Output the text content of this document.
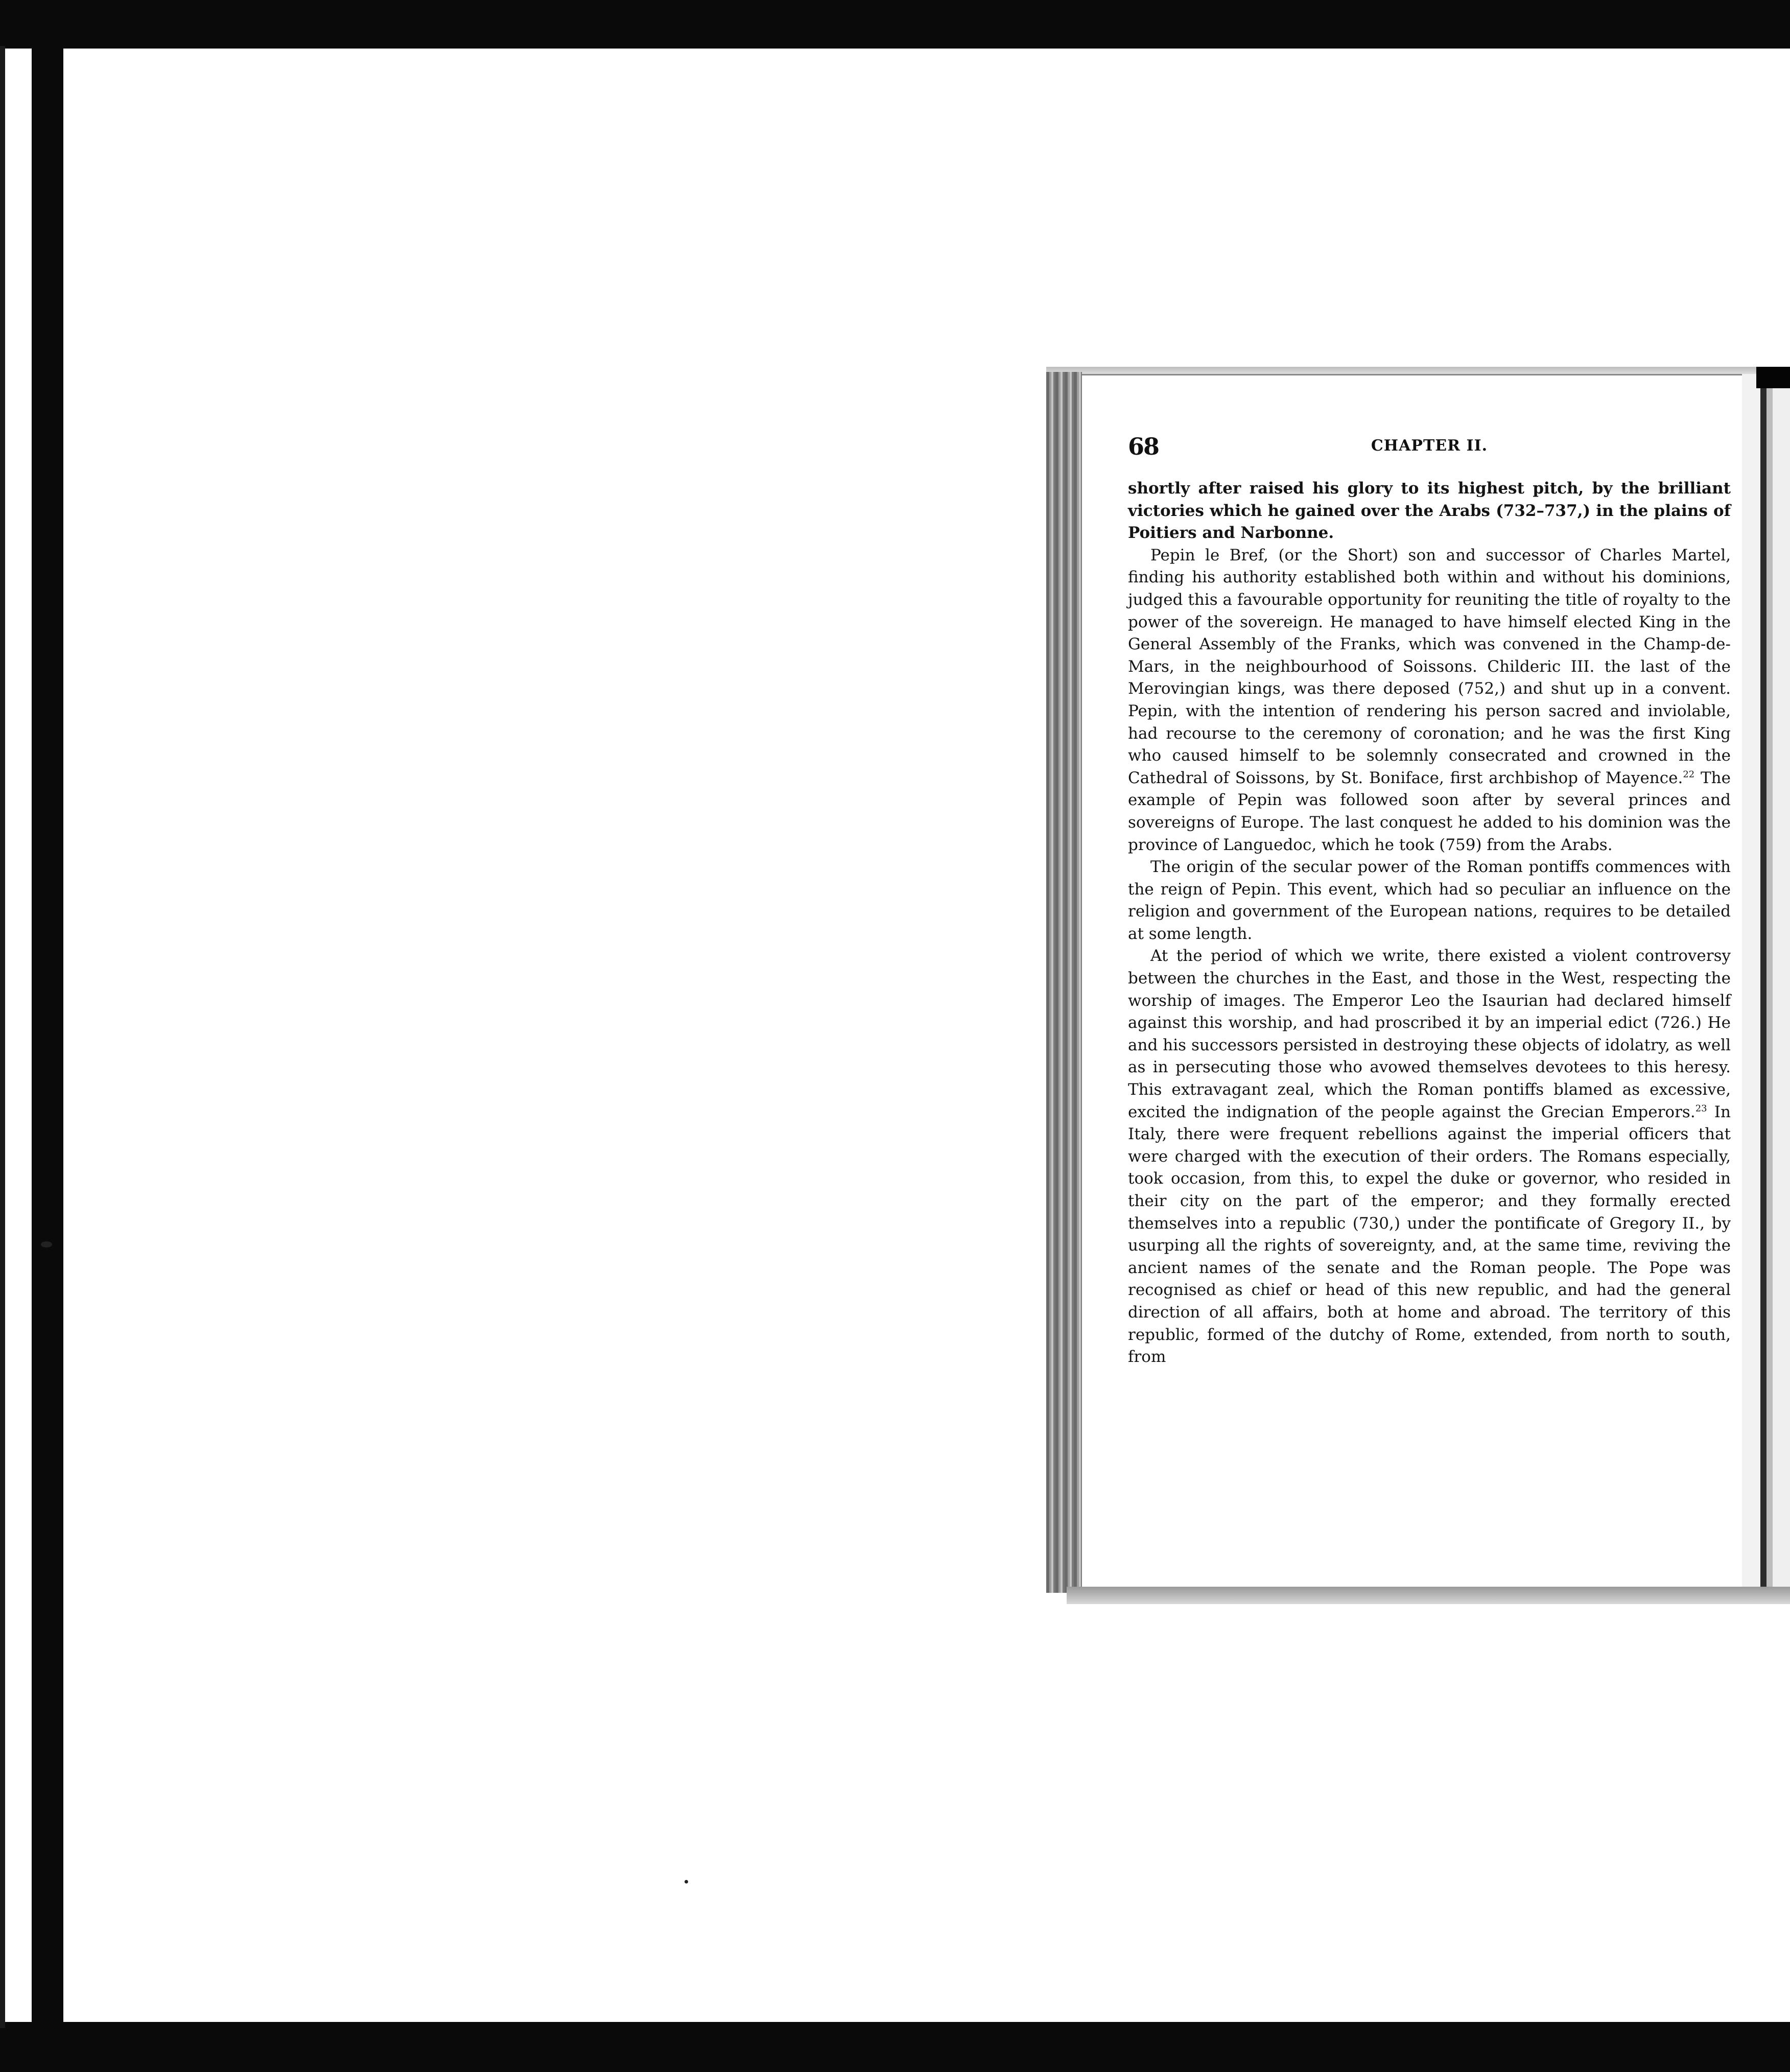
68	CHAPTER II.

shortly after raised his glory to its highest pitch, by the brilliant victories which he gained over the Arabs (732–737,) in the plains of Poitiers and Narbonne.

Pepin le Bref, (or the Short) son and successor of Charles Martel, finding his authority established both within and without his dominions, judged this a favourable opportunity for reuniting the title of royalty to the power of the sovereign. He managed to have himself elected King in the General Assembly of the Franks, which was convened in the Champ-de-Mars, in the neighbourhood of Soissons. Childeric III. the last of the Merovingian kings, was there deposed (752,) and shut up in a convent. Pepin, with the intention of rendering his person sacred and inviolable, had recourse to the ceremony of coronation; and he was the first King who caused himself to be solemnly consecrated and crowned in the Cathedral of Soissons, by St. Boniface, first archbishop of Mayence.$^{22}$ The example of Pepin was followed soon after by several princes and sovereigns of Europe. The last conquest he added to his dominion was the province of Languedoc, which he took (759) from the Arabs.

The origin of the secular power of the Roman pontiffs commences with the reign of Pepin. This event, which had so peculiar an influence on the religion and government of the European nations, requires to be detailed at some length.

At the period of which we write, there existed a violent controversy between the churches in the East, and those in the West, respecting the worship of images. The Emperor Leo the Isaurian had declared himself against this worship, and had proscribed it by an imperial edict (726.) He and his successors persisted in destroying these objects of idolatry, as well as in persecuting those who avowed themselves devotees to this heresy. This extravagant zeal, which the Roman pontiffs blamed as excessive, excited the indignation of the people against the Grecian Emperors.$^{23}$ In Italy, there were frequent rebellions against the imperial officers that were charged with the execution of their orders. The Romans especially, took occasion, from this, to expel the duke or governor, who resided in their city on the part of the emperor; and they formally erected themselves into a republic (730,) under the pontificate of Gregory II., by usurping all the rights of sovereignty, and, at the same time, reviving the ancient names of the senate and the Roman people. The Pope was recognised as chief or head of this new republic, and had the general direction of all affairs, both at home and abroad. The territory of this republic, formed of the dutchy of Rome, extended, from north to south, from
